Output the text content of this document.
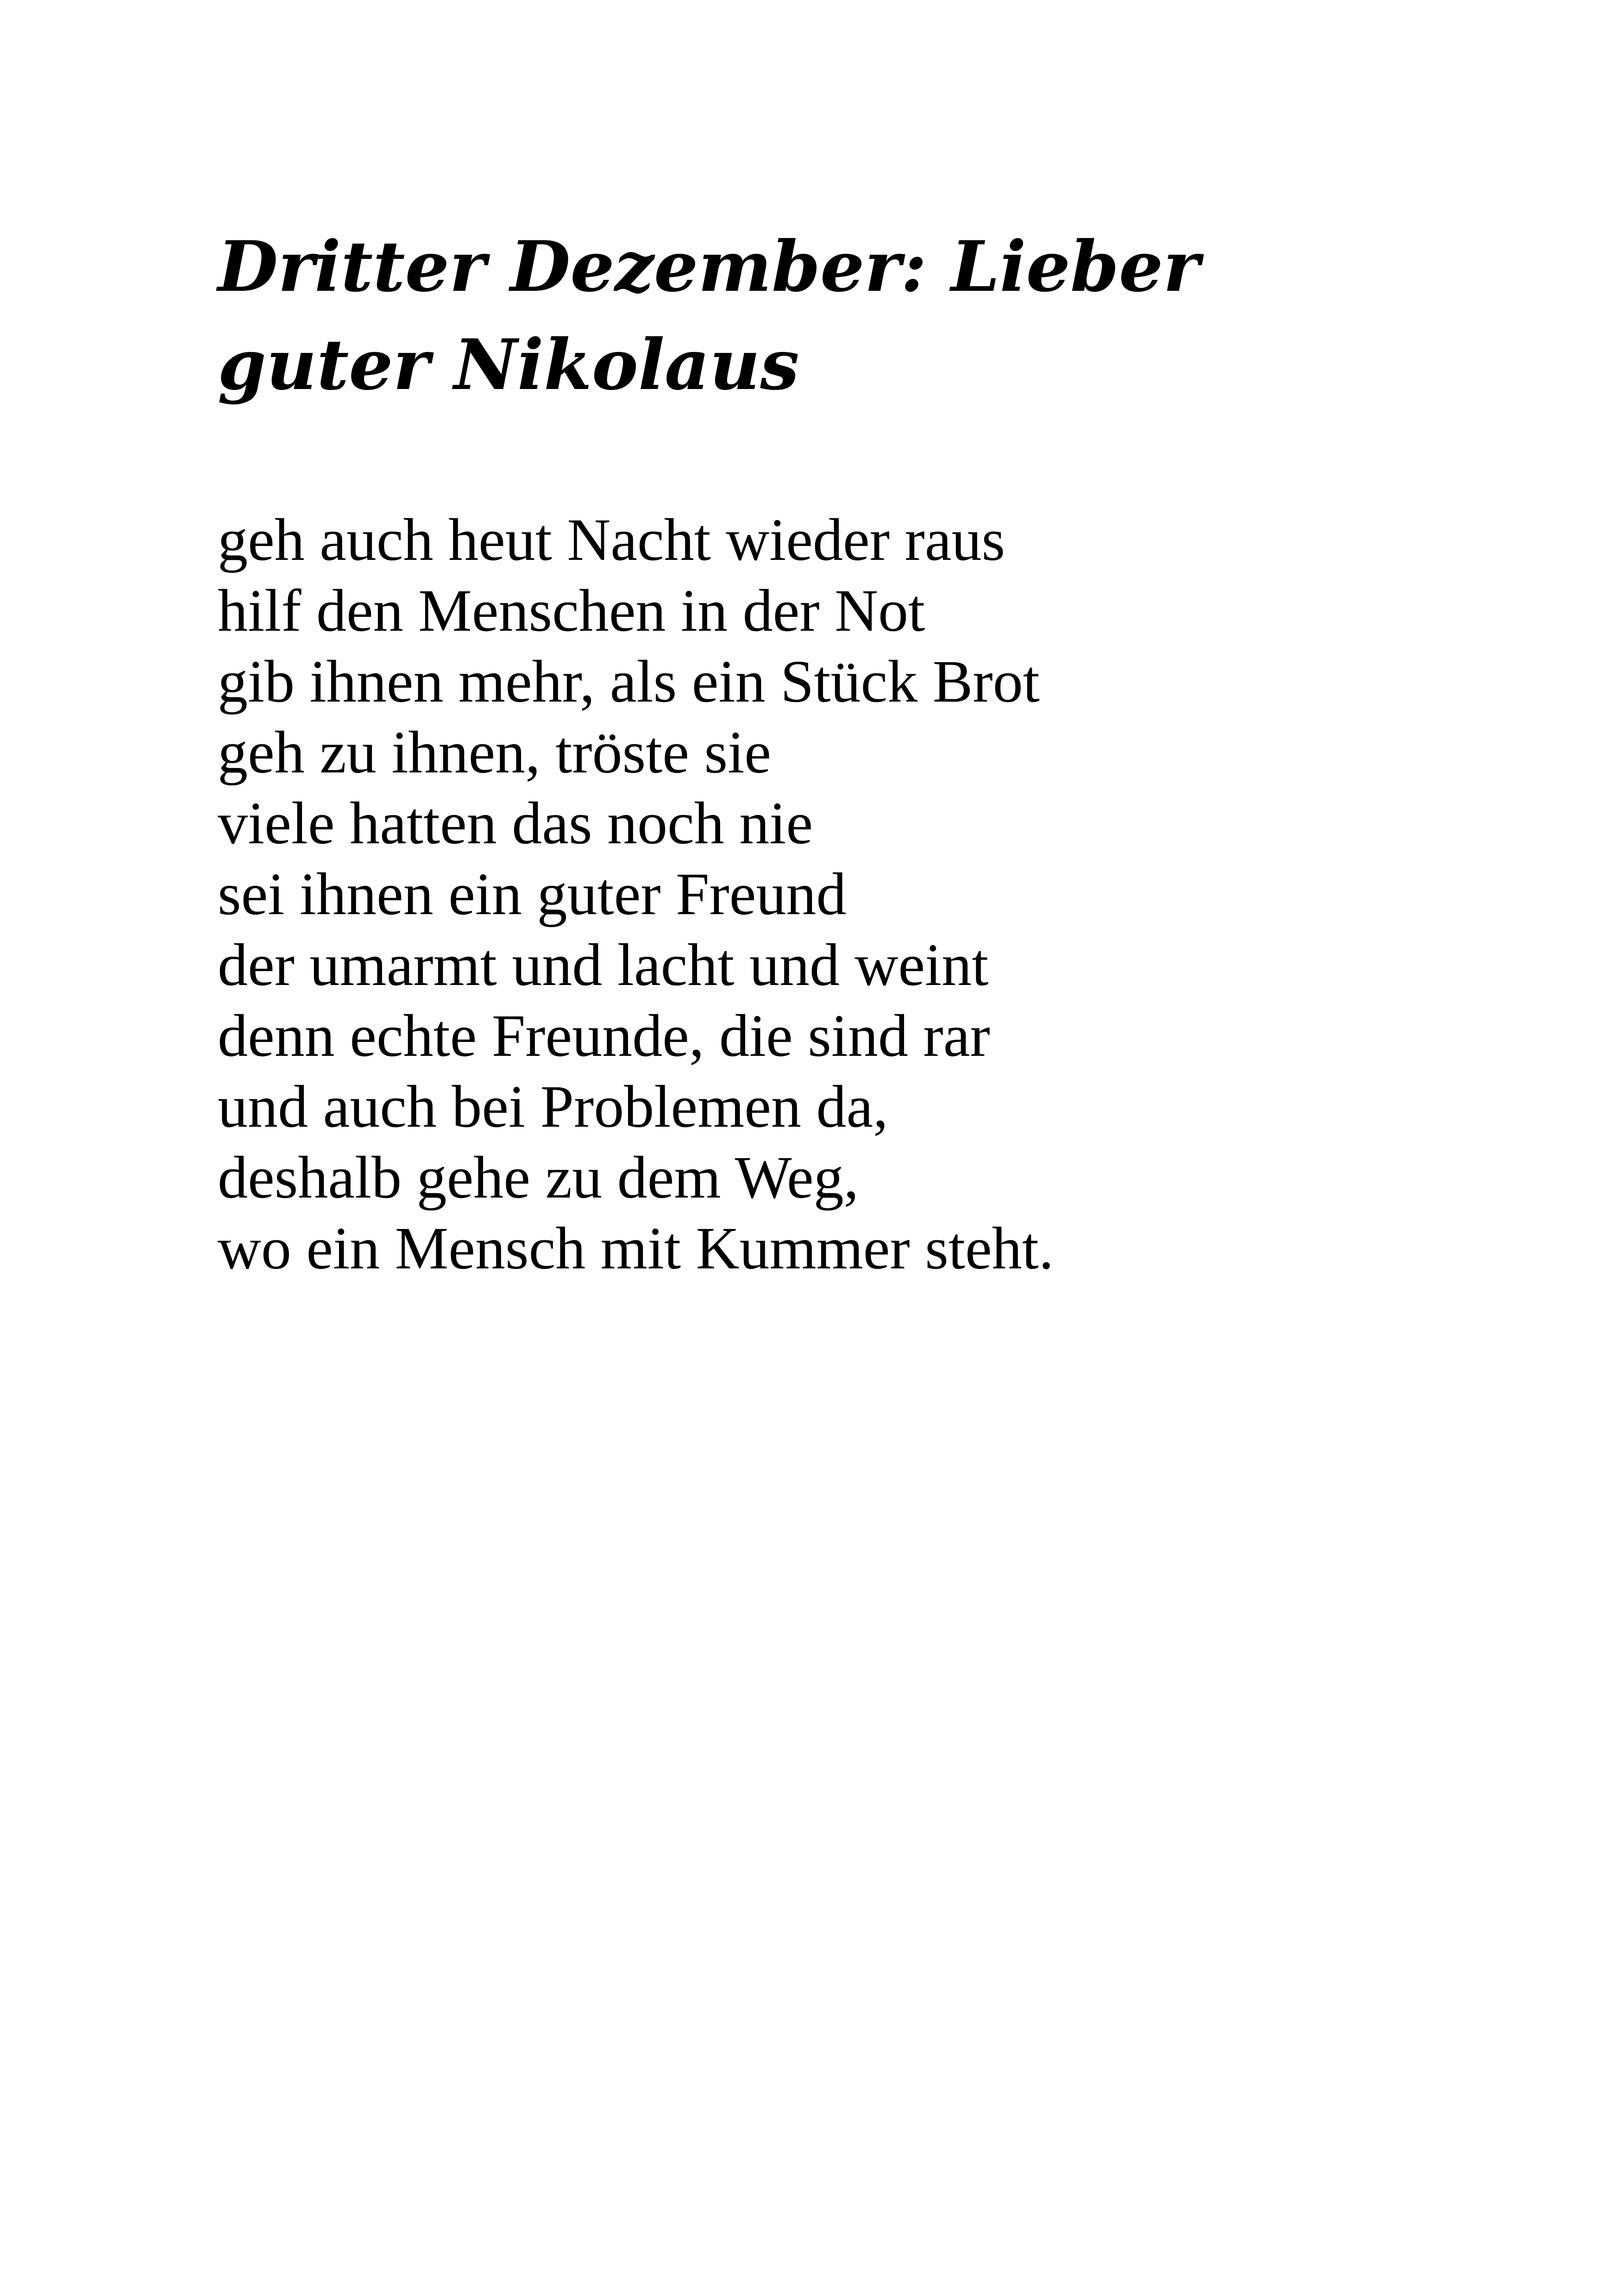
Dritter Dezember: Lieber
guter Nikolaus
geh auch heut Nacht wieder raus
hilf den Menschen in der Not
gib ihnen mehr, als ein Stück Brot
geh zu ihnen, tröste sie
viele hatten das noch nie
sei ihnen ein guter Freund
der umarmt und lacht und weint
denn echte Freunde, die sind rar
und auch bei Problemen da,
deshalb gehe zu dem Weg,
wo ein Mensch mit Kummer steht.
